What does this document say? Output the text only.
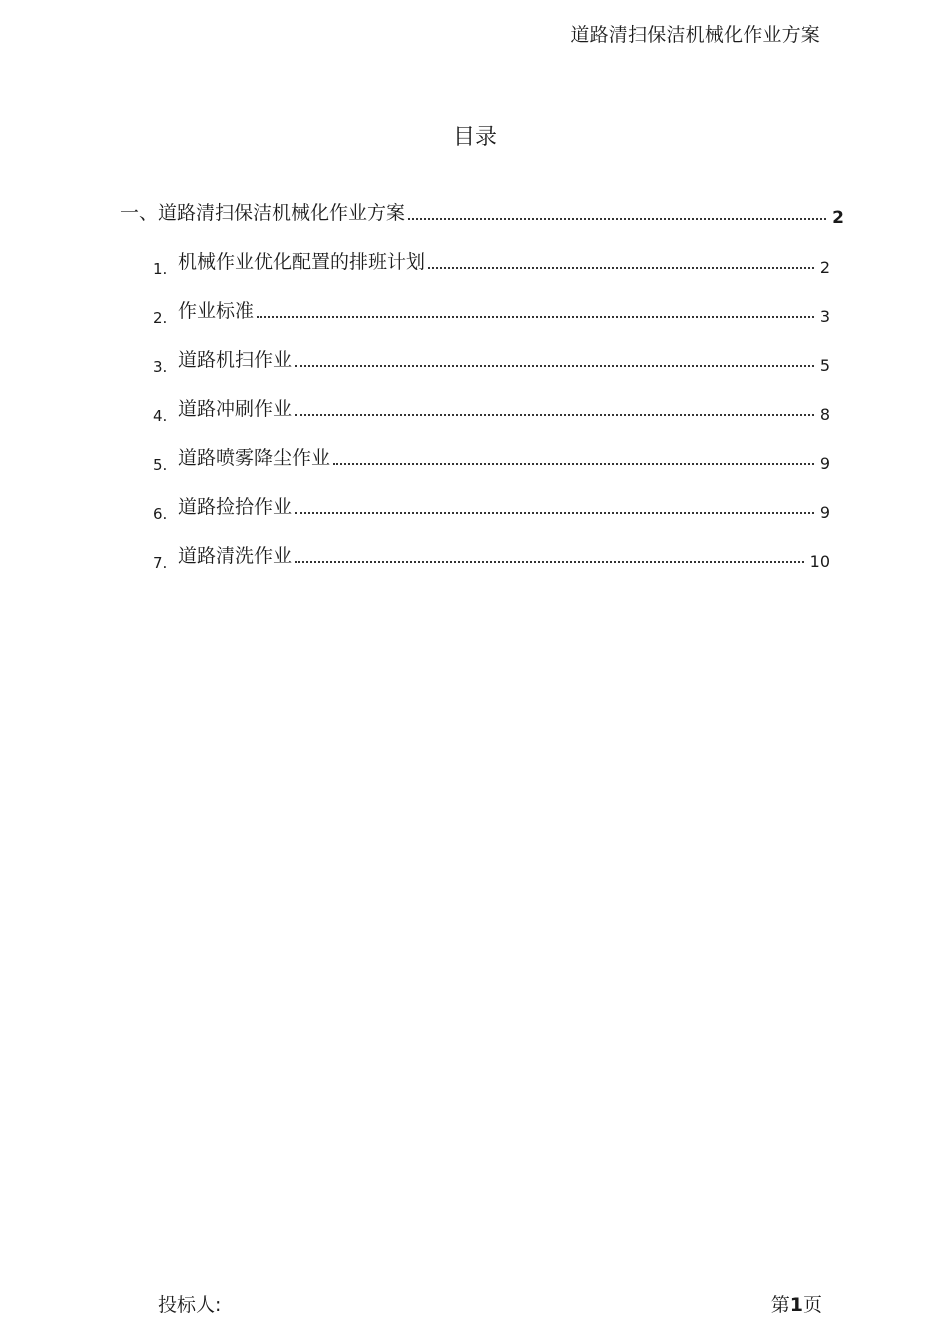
道路清扫保洁机械化作业方案
目录
一、道路清扫保洁机械化作业方案	2
1. 机械作业优化配置的排班计划	2
2. 作业标准	3
3. 道路机扫作业	5
4. 道路冲刷作业	8
5. 道路喷雾降尘作业	9
6. 道路捡拾作业	9
7. 道路清洗作业	10
投标人:	第1页
